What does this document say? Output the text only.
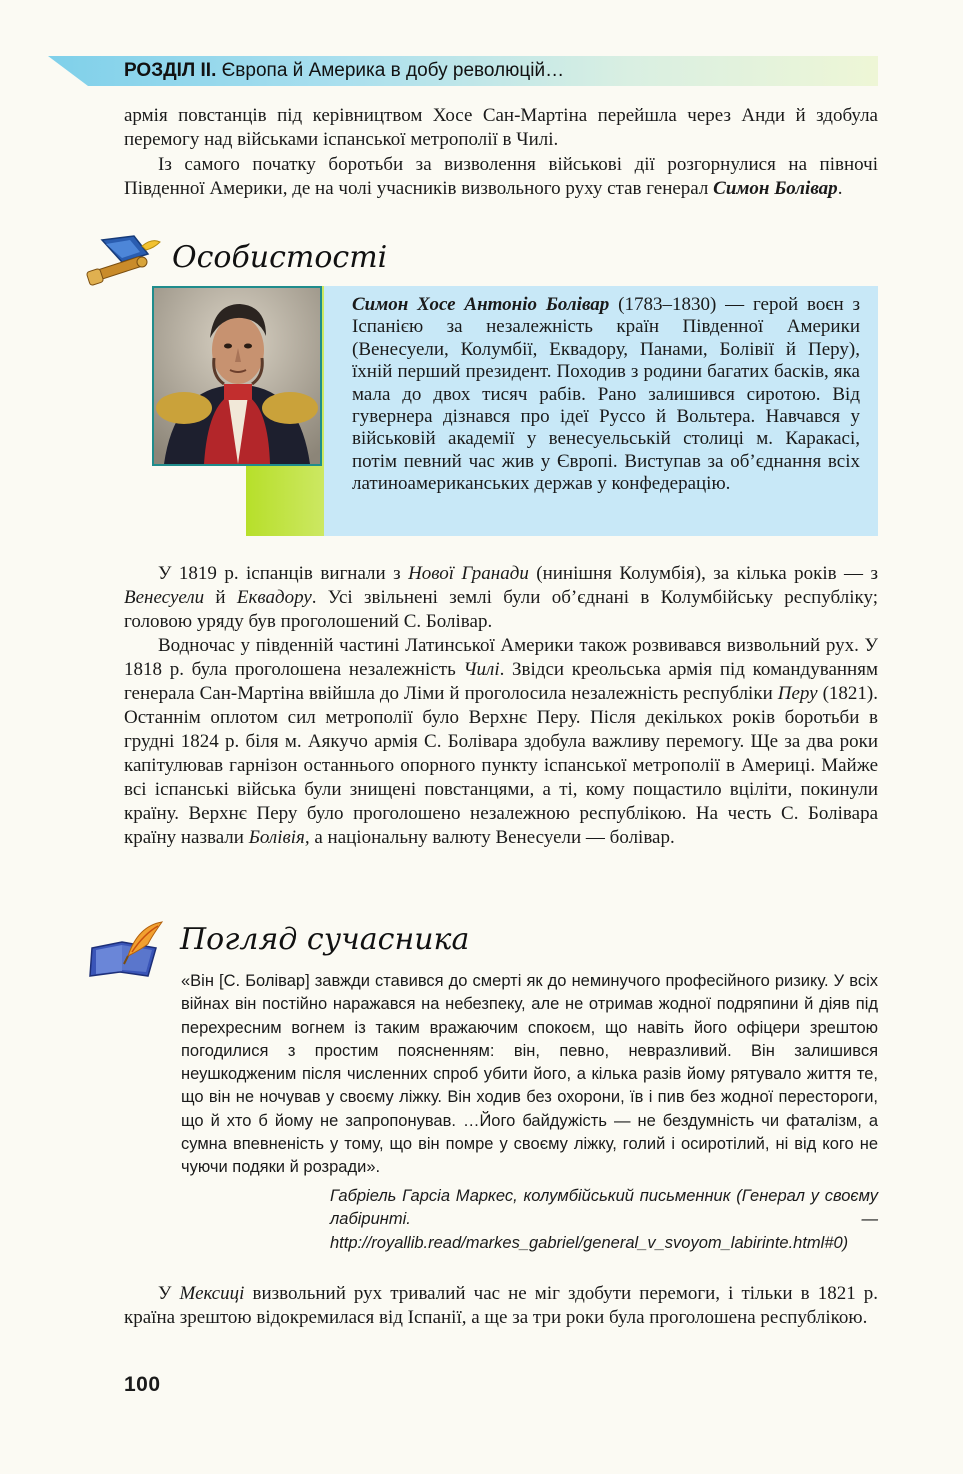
РОЗДІЛ ІІ. Європа й Америка в добу революцій…

армія повстанців під керівництвом Хосе Сан-Мартіна перейшла через Анди й здобула перемогу над військами іспанської метрополії в Чилі.

Із самого початку боротьби за визволення військові дії розгорнулися на півночі Південної Америки, де на чолі учасників визвольного руху став генерал Симон Болівар.

Особистості

Симон Хосе Антоніо Болівар (1783–1830) — герой воєн з Іспанією за незалежність країн Південної Америки (Венесуели, Колумбії, Еквадору, Панами, Болівії й Перу), їхній перший президент. Походив з родини багатих басків, яка мала до двох тисяч рабів. Рано залишився сиротою. Від гувернера дізнався про ідеї Руссо й Вольтера. Навчався у військовій академії у венесуельській столиці м. Каракасі, потім певний час жив у Європі. Виступав за об’єднання всіх латиноамериканських держав у конфедерацію.

У 1819 р. іспанців вигнали з Нової Гранади (нинішня Колумбія), за кілька років — з Венесуели й Еквадору. Усі звільнені землі були об’єднані в Колумбійську республіку; головою уряду був проголошений С. Болівар.

Водночас у південній частині Латинської Америки також розвивався визвольний рух. У 1818 р. була проголошена незалежність Чилі. Звідси креольська армія під командуванням генерала Сан-Мартіна ввійшла до Ліми й проголосила незалежність республіки Перу (1821). Останнім оплотом сил метрополії було Верхнє Перу. Після декількох років боротьби в грудні 1824 р. біля м. Аякучо армія С. Болівара здобула важливу перемогу. Ще за два роки капітулював гарнізон останнього опорного пункту іспанської метрополії в Америці. Майже всі іспанські війська були знищені повстанцями, а ті, кому пощастило вціліти, покинули країну. Верхнє Перу було проголошено незалежною республікою. На честь С. Болівара країну назвали Болівія, а національну валюту Венесуели — болівар.

Погляд сучасника

«Він [С. Болівар] завжди ставився до смерті як до неминучого професійного ризику. У всіх війнах він постійно наражався на небезпеку, але не отримав жодної подряпини й діяв під перехресним вогнем із таким вражаючим спокоєм, що навіть його офіцери зрештою погодилися з простим поясненням: він, певно, невразливий. Він залишився неушкодженим після численних спроб убити його, а кілька разів йому рятувало життя те, що він не ночував у своєму ліжку. Він ходив без охорони, їв і пив без жодної перестороги, що й хто б йому не запропонував. …Його байдужість — не бездумність чи фаталізм, а сумна впевненість у тому, що він помре у своєму ліжку, голий і осиротілий, ні від кого не чуючи подяки й розради».

Габріель Гарсіа Маркес, колумбійський письменник (Генерал у своєму лабіринті. — http://royallib.read/markes_gabriel/general_v_svoyom_labirinte.html#0)

У Мексиці визвольний рух тривалий час не міг здобути перемоги, і тільки в 1821 р. країна зрештою відокремилася від Іспанії, а ще за три роки була проголошена республікою.

100
